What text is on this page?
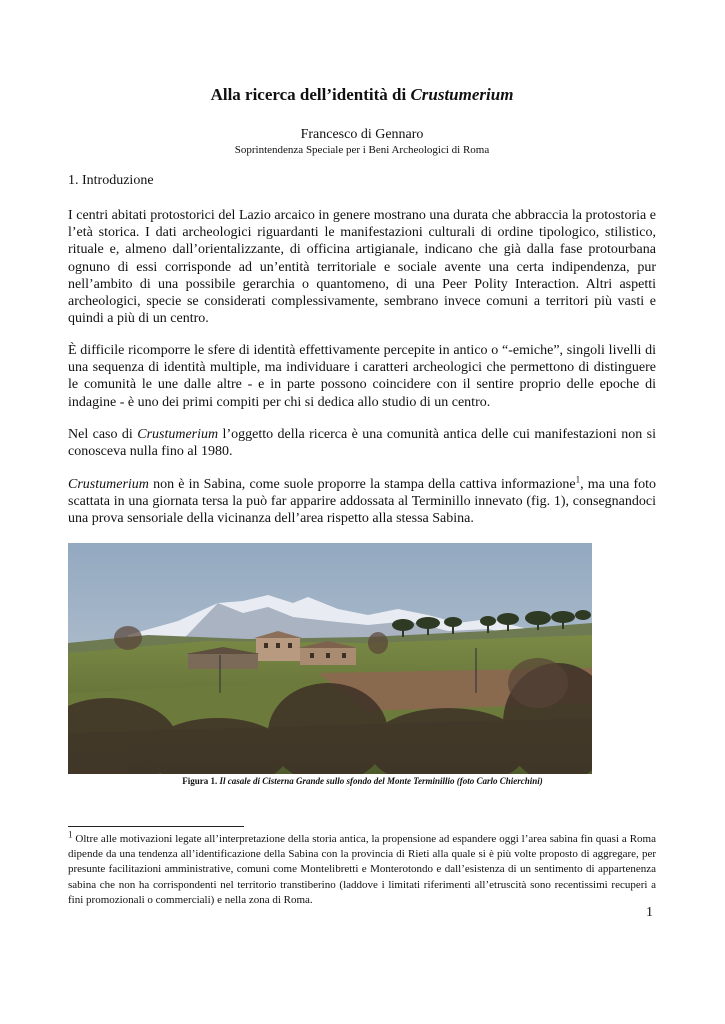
Alla ricerca dell’identità di Crustumerium
Francesco di Gennaro
Soprintendenza Speciale per i Beni Archeologici di Roma
1. Introduzione

I centri abitati protostorici del Lazio arcaico in genere mostrano una durata che abbraccia la protostoria e l’età storica. I dati archeologici riguardanti le manifestazioni culturali di ordine tipologico, stilistico, rituale e, almeno dall’orientalizzante, di officina artigianale, indicano che già dalla fase protourbana ognuno di essi corrisponde ad un’entità territoriale e sociale avente una certa indipendenza, pur nell’ambito di una possibile gerarchia o quantomeno, di una Peer Polity Interaction. Altri aspetti archeologici, specie se considerati complessivamente, sembrano invece comuni a territori più vasti e quindi a più di un centro.

È difficile ricomporre le sfere di identità effettivamente percepite in antico o “-emiche”, singoli livelli di una sequenza di identità multiple, ma individuare i caratteri archeologici che permettono di distinguere le comunità le une dalle altre - e in parte possono coincidere con il sentire proprio delle epoche di indagine - è uno dei primi compiti per chi si dedica allo studio di un centro.

Nel caso di Crustumerium l’oggetto della ricerca è una comunità antica delle cui manifestazioni non si conosceva nulla fino al 1980.

Crustumerium non è in Sabina, come suole proporre la stampa della cattiva informazione$^1$, ma una foto scattata in una giornata tersa la può far apparire addossata al Terminillo innevato (fig. 1), consegnandoci una prova sensoriale della vicinanza dell’area rispetto alla stessa Sabina.

Figura 1. Il casale di Cisterna Grande sullo sfondo del Monte Terminillio (foto Carlo Chierchini)

$^1$ Oltre alle motivazioni legate all’interpretazione della storia antica, la propensione ad espandere oggi l’area sabina fin quasi a Roma dipende da una tendenza all’identificazione della Sabina con la provincia di Rieti alla quale si è più volte proposto di aggregare, per presunte facilitazioni amministrative, comuni come Montelibretti e Monterotondo e dall’esistenza di un sentimento di appartenenza sabina che non ha corrispondenti nel territorio transtiberino (laddove i limitati riferimenti all’etruscità sono recentissimi recuperi a fini promozionali o commerciali) e nella zona di Roma.

1
